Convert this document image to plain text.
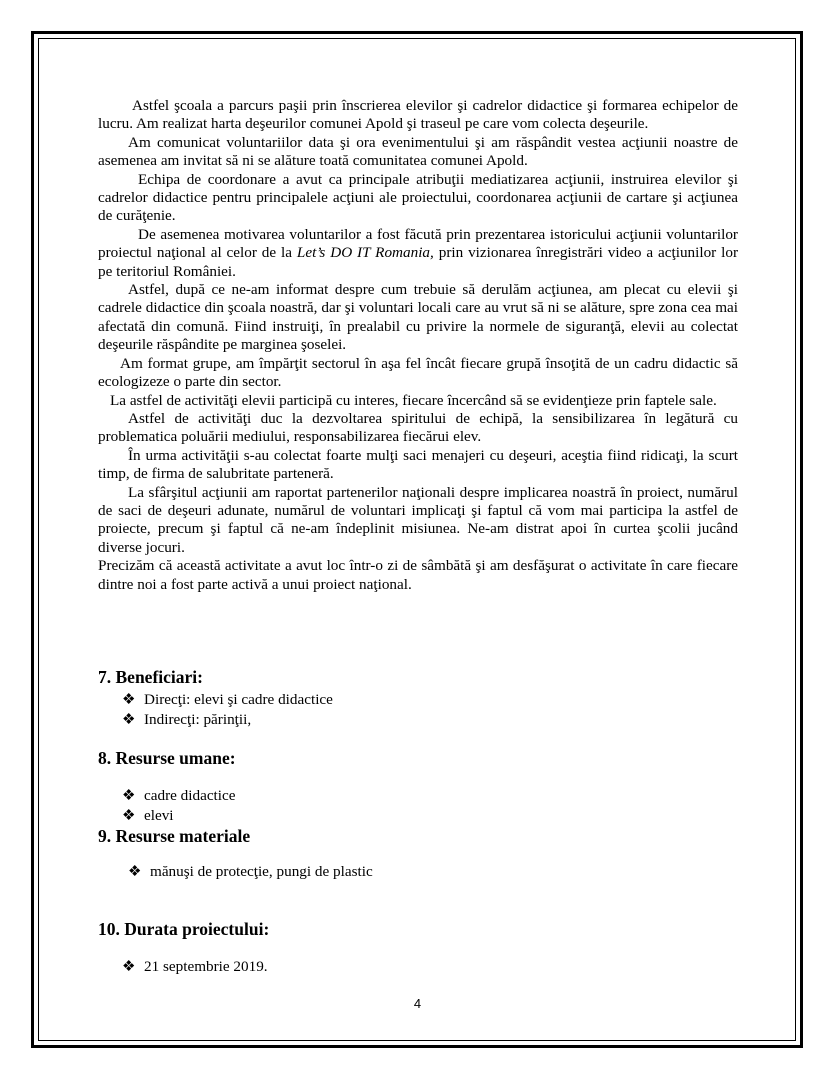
Astfel şcoala a parcurs paşii prin înscrierea elevilor şi cadrelor didactice şi formarea echipelor de lucru. Am realizat harta deşeurilor comunei Apold şi traseul pe care vom colecta deşeurile.

Am comunicat voluntariilor data şi ora evenimentului şi am răspândit vestea acţiunii noastre de asemenea am invitat să ni se alăture toată comunitatea comunei Apold.

Echipa de coordonare a avut ca principale atribuţii mediatizarea acţiunii, instruirea elevilor şi cadrelor didactice pentru principalele acţiuni ale proiectului, coordonarea acţiunii de cartare şi acţiunea de curăţenie.

De asemenea motivarea voluntarilor a fost făcută prin prezentarea istoricului acţiunii voluntarilor proiectul naţional al celor de la Let’s DO IT Romania, prin vizionarea înregistrări video a acţiunilor lor pe teritoriul României.

Astfel, după ce ne-am informat despre cum trebuie să derulăm acţiunea, am plecat cu elevii şi cadrele didactice din şcoala noastră, dar şi voluntari locali care au vrut să ni se alăture, spre zona cea mai afectată din comună. Fiind instruiţi, în prealabil cu privire la normele de siguranţă, elevii au colectat deşeurile răspândite pe marginea şoselei.

Am format grupe, am împărţit sectorul în aşa fel încât fiecare grupă însoţită de un cadru didactic să ecologizeze o parte din sector.

La astfel de activităţi elevii participă cu interes, fiecare încercând să se evidenţieze prin faptele sale.

Astfel de activităţi duc la dezvoltarea spiritului de echipă, la sensibilizarea în legătură cu problematica poluării mediului, responsabilizarea fiecărui elev.

În urma activităţii s-au colectat foarte mulţi saci menajeri cu deşeuri, aceştia fiind ridicaţi, la scurt timp, de firma de salubritate parteneră.

La sfârşitul acţiunii am raportat partenerilor naţionali despre implicarea noastră în proiect, numărul de saci de deşeuri adunate, numărul de voluntari implicaţi şi faptul că vom mai participa la astfel de proiecte, precum şi faptul că ne-am îndeplinit misiunea. Ne-am distrat apoi în curtea şcolii jucând diverse jocuri.

Precizăm că această activitate a avut loc într-o zi de sâmbătă şi am desfăşurat o activitate în care fiecare dintre noi a fost parte activă a unui proiect naţional.

7. Beneficiari:
❖ Direcţi: elevi şi cadre didactice
❖ Indirecţi: părinţii,
8. Resurse umane:
❖ cadre didactice
❖ elevi
9. Resurse materiale
❖ mănuşi de protecţie, pungi de plastic
10. Durata proiectului:
❖ 21 septembrie 2019.
4
